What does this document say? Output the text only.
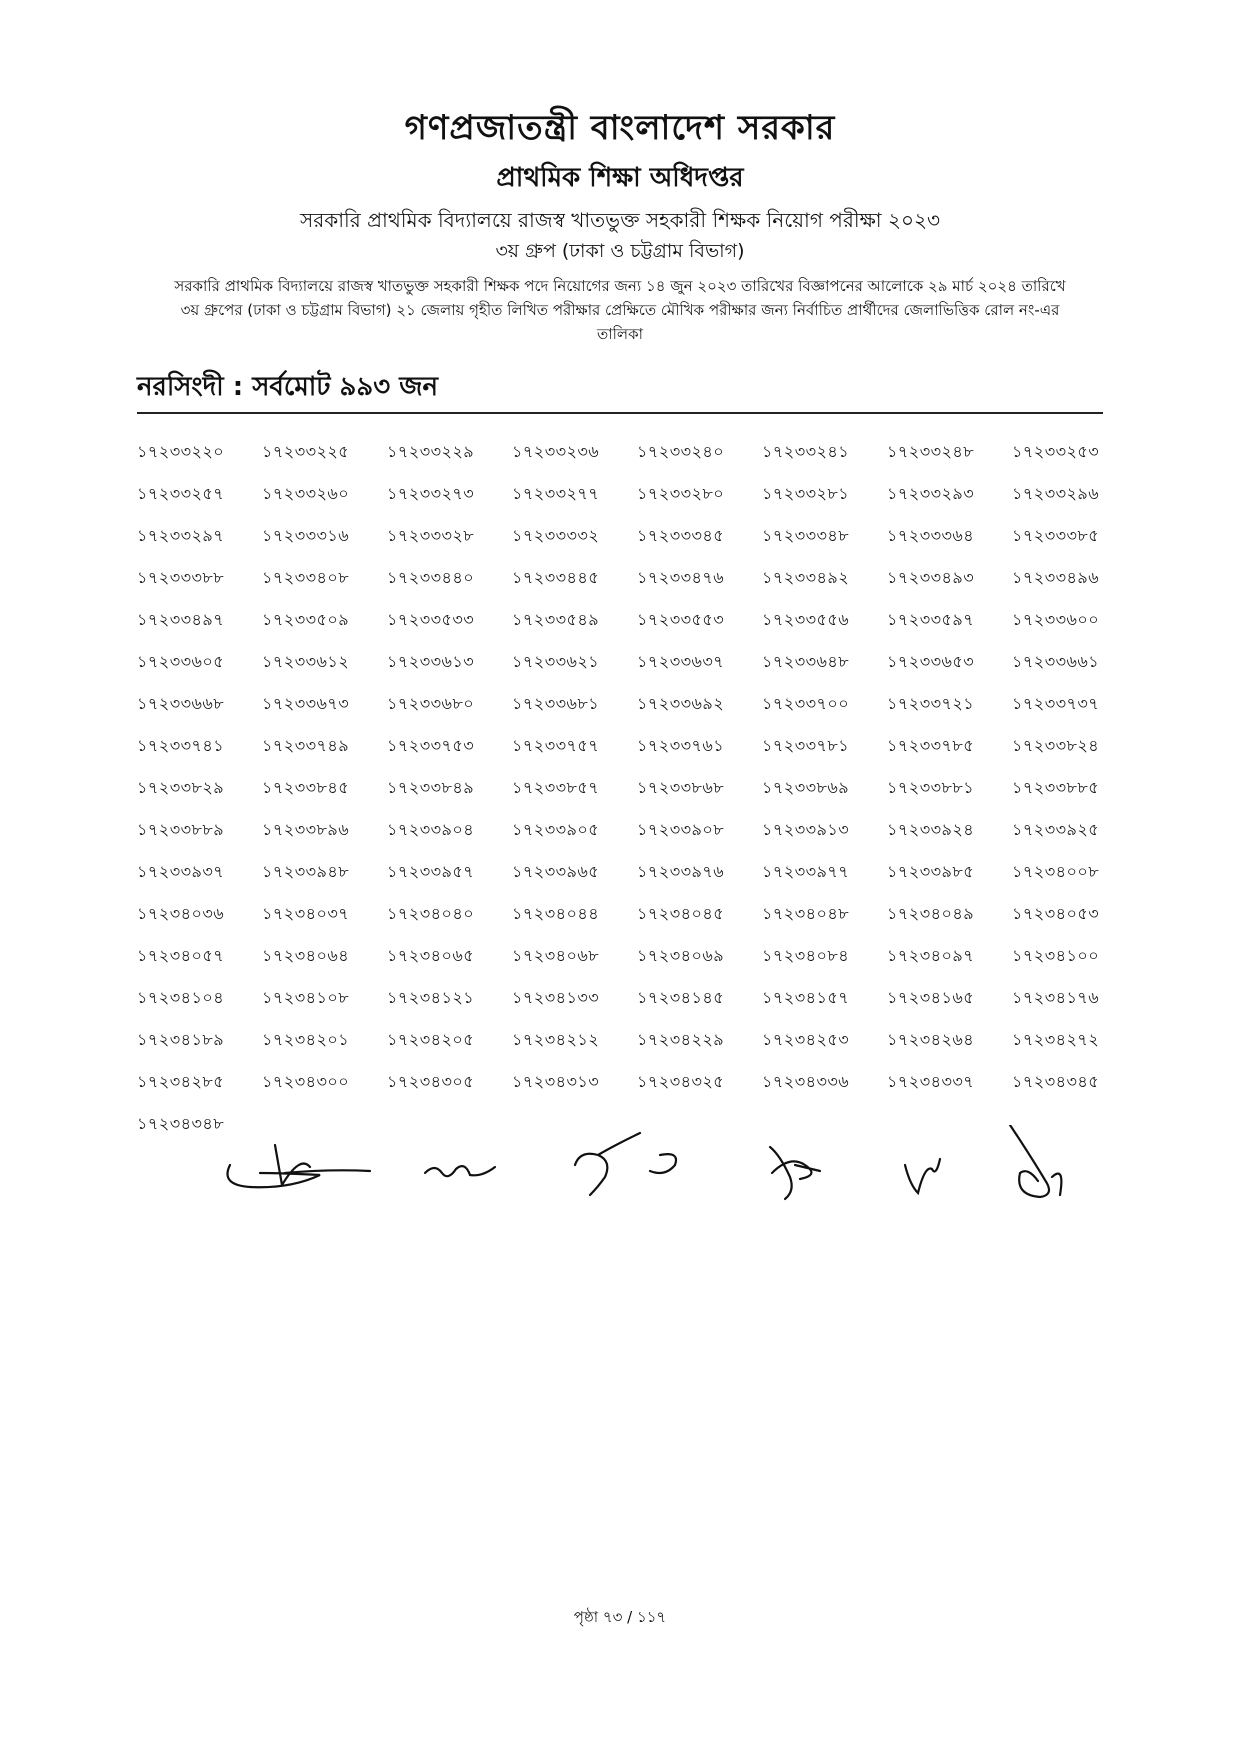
গণপ্রজাতন্ত্রী বাংলাদেশ সরকার

প্রাথমিক শিক্ষা অধিদপ্তর

সরকারি প্রাথমিক বিদ্যালয়ে রাজস্ব খাতভুক্ত সহকারী শিক্ষক নিয়োগ পরীক্ষা ২০২৩

৩য় গ্রুপ (ঢাকা ও চট্টগ্রাম বিভাগ)

সরকারি প্রাথমিক বিদ্যালয়ে রাজস্ব খাতভুক্ত সহকারী শিক্ষক পদে নিয়োগের জন্য ১৪ জুন ২০২৩ তারিখের বিজ্ঞাপনের আলোকে ২৯ মার্চ ২০২৪ তারিখে ৩য় গ্রুপের (ঢাকা ও চট্টগ্রাম বিভাগ) ২১ জেলায় গৃহীত লিখিত পরীক্ষার প্রেক্ষিতে মৌখিক পরীক্ষার জন্য নির্বাচিত প্রার্থীদের জেলাভিত্তিক রোল নং-এর তালিকা

নরসিংদী : সর্বমোট ৯৯৩ জন
১৭২৩৩২২০	১৭২৩৩২২৫	১৭২৩৩২২৯	১৭২৩৩২৩৬	১৭২৩৩২৪০	১৭২৩৩২৪১	১৭২৩৩২৪৮	১৭২৩৩২৫৩
১৭২৩৩২৫৭	১৭২৩৩২৬০	১৭২৩৩২৭৩	১৭২৩৩২৭৭	১৭২৩৩২৮০	১৭২৩৩২৮১	১৭২৩৩২৯৩	১৭২৩৩২৯৬
১৭২৩৩২৯৭	১৭২৩৩৩১৬	১৭২৩৩৩২৮	১৭২৩৩৩৩২	১৭২৩৩৩৪৫	১৭২৩৩৩৪৮	১৭২৩৩৩৬৪	১৭২৩৩৩৮৫
১৭২৩৩৩৮৮	১৭২৩৩৪০৮	১৭২৩৩৪৪০	১৭২৩৩৪৪৫	১৭২৩৩৪৭৬	১৭২৩৩৪৯২	১৭২৩৩৪৯৩	১৭২৩৩৪৯৬
১৭২৩৩৪৯৭	১৭২৩৩৫০৯	১৭২৩৩৫৩৩	১৭২৩৩৫৪৯	১৭২৩৩৫৫৩	১৭২৩৩৫৫৬	১৭২৩৩৫৯৭	১৭২৩৩৬০০
১৭২৩৩৬০৫	১৭২৩৩৬১২	১৭২৩৩৬১৩	১৭২৩৩৬২১	১৭২৩৩৬৩৭	১৭২৩৩৬৪৮	১৭২৩৩৬৫৩	১৭২৩৩৬৬১
১৭২৩৩৬৬৮	১৭২৩৩৬৭৩	১৭২৩৩৬৮০	১৭২৩৩৬৮১	১৭২৩৩৬৯২	১৭২৩৩৭০০	১৭২৩৩৭২১	১৭২৩৩৭৩৭
১৭২৩৩৭৪১	১৭২৩৩৭৪৯	১৭২৩৩৭৫৩	১৭২৩৩৭৫৭	১৭২৩৩৭৬১	১৭২৩৩৭৮১	১৭২৩৩৭৮৫	১৭২৩৩৮২৪
১৭২৩৩৮২৯	১৭২৩৩৮৪৫	১৭২৩৩৮৪৯	১৭২৩৩৮৫৭	১৭২৩৩৮৬৮	১৭২৩৩৮৬৯	১৭২৩৩৮৮১	১৭২৩৩৮৮৫
১৭২৩৩৮৮৯	১৭২৩৩৮৯৬	১৭২৩৩৯০৪	১৭২৩৩৯০৫	১৭২৩৩৯০৮	১৭২৩৩৯১৩	১৭২৩৩৯২৪	১৭২৩৩৯২৫
১৭২৩৩৯৩৭	১৭২৩৩৯৪৮	১৭২৩৩৯৫৭	১৭২৩৩৯৬৫	১৭২৩৩৯৭৬	১৭২৩৩৯৭৭	১৭২৩৩৯৮৫	১৭২৩৪০০৮
১৭২৩৪০৩৬	১৭২৩৪০৩৭	১৭২৩৪০৪০	১৭২৩৪০৪৪	১৭২৩৪০৪৫	১৭২৩৪০৪৮	১৭২৩৪০৪৯	১৭২৩৪০৫৩
১৭২৩৪০৫৭	১৭২৩৪০৬৪	১৭২৩৪০৬৫	১৭২৩৪০৬৮	১৭২৩৪০৬৯	১৭২৩৪০৮৪	১৭২৩৪০৯৭	১৭২৩৪১০০
১৭২৩৪১০৪	১৭২৩৪১০৮	১৭২৩৪১২১	১৭২৩৪১৩৩	১৭২৩৪১৪৫	১৭২৩৪১৫৭	১৭২৩৪১৬৫	১৭২৩৪১৭৬
১৭২৩৪১৮৯	১৭২৩৪২০১	১৭২৩৪২০৫	১৭২৩৪২১২	১৭২৩৪২২৯	১৭২৩৪২৫৩	১৭২৩৪২৬৪	১৭২৩৪২৭২
১৭২৩৪২৮৫	১৭২৩৪৩০০	১৭২৩৪৩০৫	১৭২৩৪৩১৩	১৭২৩৪৩২৫	১৭২৩৪৩৩৬	১৭২৩৪৩৩৭	১৭২৩৪৩৪৫
১৭২৩৪৩৪৮
পৃষ্ঠা ৭৩ / ১১৭
